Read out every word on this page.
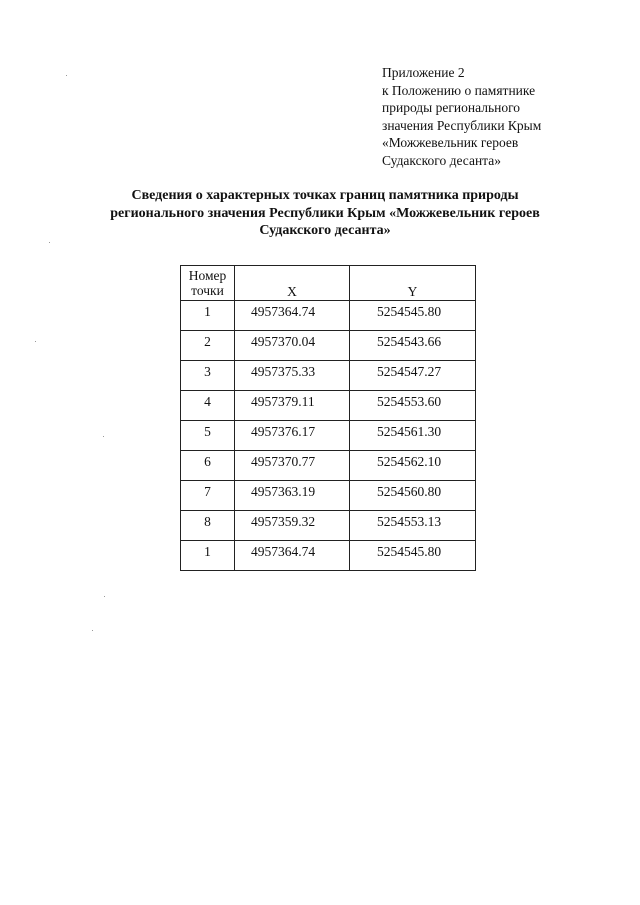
Приложение 2
к Положению о памятнике
природы регионального
значения Республики Крым
«Можжевельник героев
Судакского десанта»
Сведения о характерных точках границ памятника природы
регионального значения Республики Крым «Можжевельник героев
Судакского десанта»
Номер
точки	X	Y

1	4957364.74	5254545.80

2	4957370.04	5254543.66

3	4957375.33	5254547.27

4	4957379.11	5254553.60

5	4957376.17	5254561.30

6	4957370.77	5254562.10

7	4957363.19	5254560.80

8	4957359.32	5254553.13

1	4957364.74	5254545.80
